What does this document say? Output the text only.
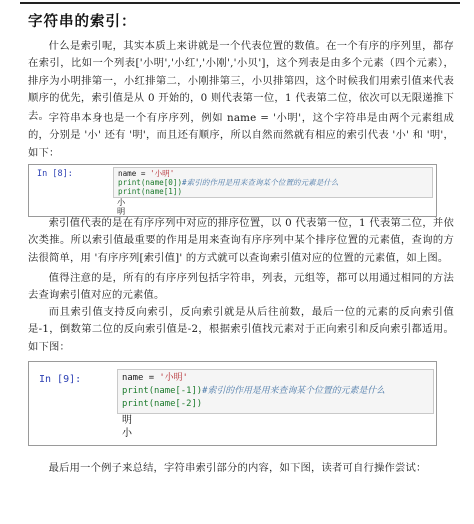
字符串的索引：
什么是索引呢，其实本质上来讲就是一个代表位置的数值。在一个有序的序列里，都存在索引，比如一个列表['小明','小红','小刚','小贝']，这个列表是由多个元素（四个元素），排序为小明排第一，小红排第二，小刚排第三，小贝排第四，这个时候我们用索引值来代表顺序的优先，索引值是从 0 开始的，0 则代表第一位，1 代表第二位，依次可以无限递推下去。 字符串本身也是一个有序序列，例如 name = '小明'，这个字符串是由两个元素组成的，分别是 '小' 还有 '明'，而且还有顺序，所以自然而然就有相应的索引代表 '小' 和 '明'，如下：
In [8]:	name = '小明'
print(name[0])#索引的作用是用来查询某个位置的元素是什么
print(name[1])
小
明
索引值代表的是在有序序列中对应的排序位置，以 0 代表第一位，1 代表第二位，并依次类推。所以索引值最重要的作用是用来查询有序序列中某个排序位置的元素值，查询的方法很简单，用 '有序序列[索引值]' 的方式就可以查询索引值对应的位置的元素值，如上图。
值得注意的是，所有的有序序列包括字符串，列表，元组等，都可以用通过相同的方法去查询索引值对应的元素值。
而且索引值支持反向索引，反向索引就是从后往前数，最后一位的元素的反向索引值是-1，倒数第二位的反向索引值是-2，根据索引值找元素对于正向索引和反向索引都适用。如下图：
In [9]:	name = '小明'
print(name[-1])#索引的作用是用来查询某个位置的元素是什么
print(name[-2])
明
小
最后用一个例子来总结，字符串索引部分的内容，如下图，读者可自行操作尝试：
